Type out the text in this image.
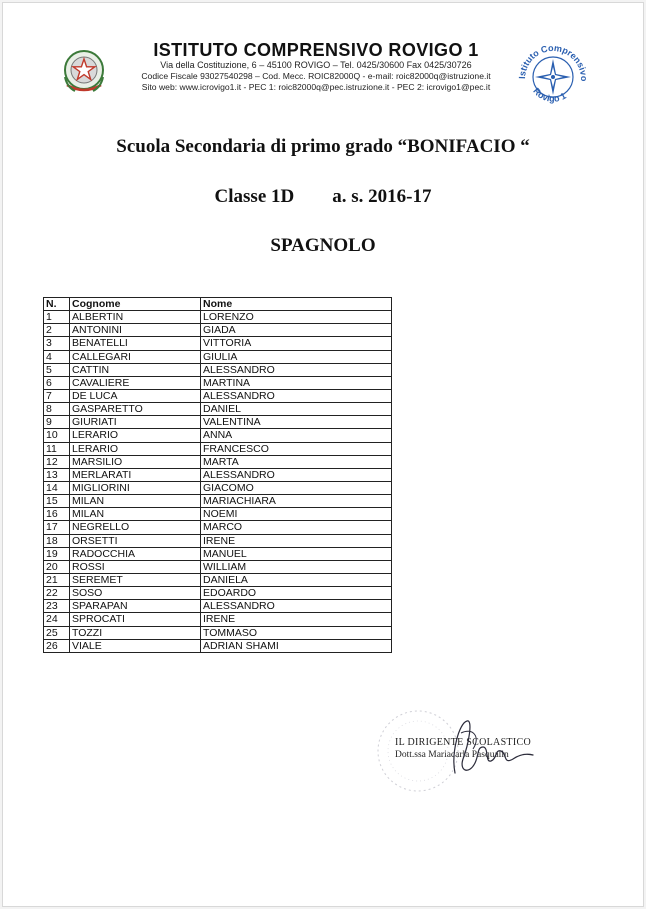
ISTITUTO COMPRENSIVO ROVIGO 1
Via della Costituzione, 6 – 45100 ROVIGO – Tel. 0425/30600 Fax 0425/30726
Codice Fiscale 93027540298 – Cod. Mecc. ROIC82000Q - e-mail: roic82000q@istruzione.it
Sito web: www.icrovigo1.it - PEC 1: roic82000q@pec.istruzione.it - PEC 2: icrovigo1@pec.it
Istituto Comprensivo
Rovigo 1
Scuola Secondaria di primo grado “BONIFACIO “
Classe 1D a. s. 2016-17
SPAGNOLO
N.	Cognome	Nome
1	ALBERTIN	LORENZO
2	ANTONINI	GIADA
3	BENATELLI	VITTORIA
4	CALLEGARI	GIULIA
5	CATTIN	ALESSANDRO
6	CAVALIERE	MARTINA
7	DE LUCA	ALESSANDRO
8	GASPARETTO	DANIEL
9	GIURIATI	VALENTINA
10	LERARIO	ANNA
11	LERARIO	FRANCESCO
12	MARSILIO	MARTA
13	MERLARATI	ALESSANDRO
14	MIGLIORINI	GIACOMO
15	MILAN	MARIACHIARA
16	MILAN	NOEMI
17	NEGRELLO	MARCO
18	ORSETTI	IRENE
19	RADOCCHIA	MANUEL
20	ROSSI	WILLIAM
21	SEREMET	DANIELA
22	SOSO	EDOARDO
23	SPARAPAN	ALESSANDRO
24	SPROCATI	IRENE
25	TOZZI	TOMMASO
26	VIALE	ADRIAN SHAMI
IL DIRIGENTE SCOLASTICO
Dott.ssa Mariacarla Pasqualin
